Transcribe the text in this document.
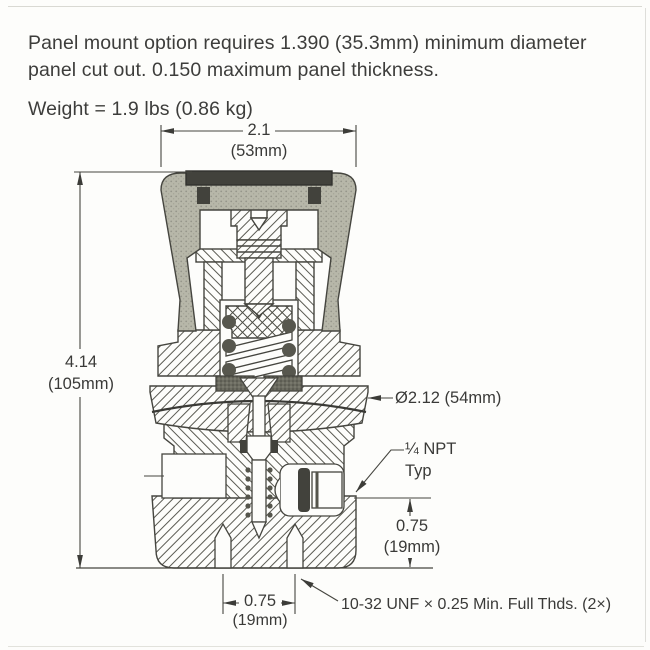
Panel mount option requires 1.390 (35.3mm) minimum diameter

panel cut out. 0.150 maximum panel thickness.

Weight = 1.9 lbs (0.86 kg)

2.1
(53mm)
4.14
(105mm)
Ø2.12 (54mm)
¼ NPT
Typ
0.75
(19mm)
0.75
(19mm)
10-32 UNF × 0.25 Min. Full Thds. (2×)
